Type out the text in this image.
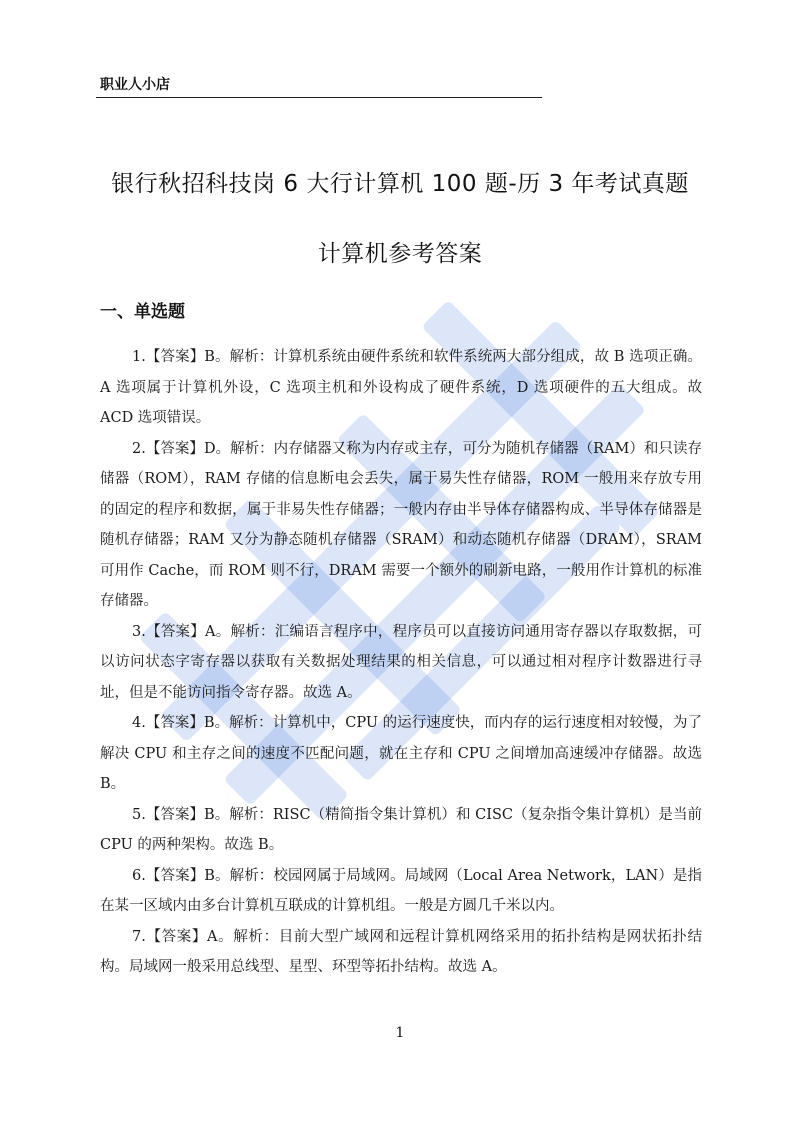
职业人小店
银行秋招科技岗 6 大行计算机 100 题-历 3 年考试真题
计算机参考答案
一、单选题

1.【答案】B。解析：计算机系统由硬件系统和软件系统两大部分组成，故 B 选项正确。A 选项属于计算机外设，C 选项主机和外设构成了硬件系统，D 选项硬件的五大组成。故 ACD 选项错误。

2.【答案】D。解析：内存储器又称为内存或主存，可分为随机存储器（RAM）和只读存储器（ROM），RAM 存储的信息断电会丢失，属于易失性存储器，ROM 一般用来存放专用的固定的程序和数据，属于非易失性存储器；一般内存由半导体存储器构成、半导体存储器是随机存储器；RAM 又分为静态随机存储器（SRAM）和动态随机存储器（DRAM），SRAM 可用作 Cache，而 ROM 则不行，DRAM 需要一个额外的刷新电路，一般用作计算机的标准存储器。

3.【答案】A。解析：汇编语言程序中，程序员可以直接访问通用寄存器以存取数据，可以访问状态字寄存器以获取有关数据处理结果的相关信息，可以通过相对程序计数器进行寻址，但是不能访问指令寄存器。故选 A。

4.【答案】B。解析：计算机中，CPU 的运行速度快，而内存的运行速度相对较慢，为了解决 CPU 和主存之间的速度不匹配问题，就在主存和 CPU 之间增加高速缓冲存储器。故选 B。

5.【答案】B。解析：RISC（精简指令集计算机）和 CISC（复杂指令集计算机）是当前 CPU 的两种架构。故选 B。

6.【答案】B。解析：校园网属于局域网。局域网（Local Area Network，LAN）是指在某一区域内由多台计算机互联成的计算机组。一般是方圆几千米以内。

7.【答案】A。解析：目前大型广域网和远程计算机网络采用的拓扑结构是网状拓扑结构。局域网一般采用总线型、星型、环型等拓扑结构。故选 A。

1
